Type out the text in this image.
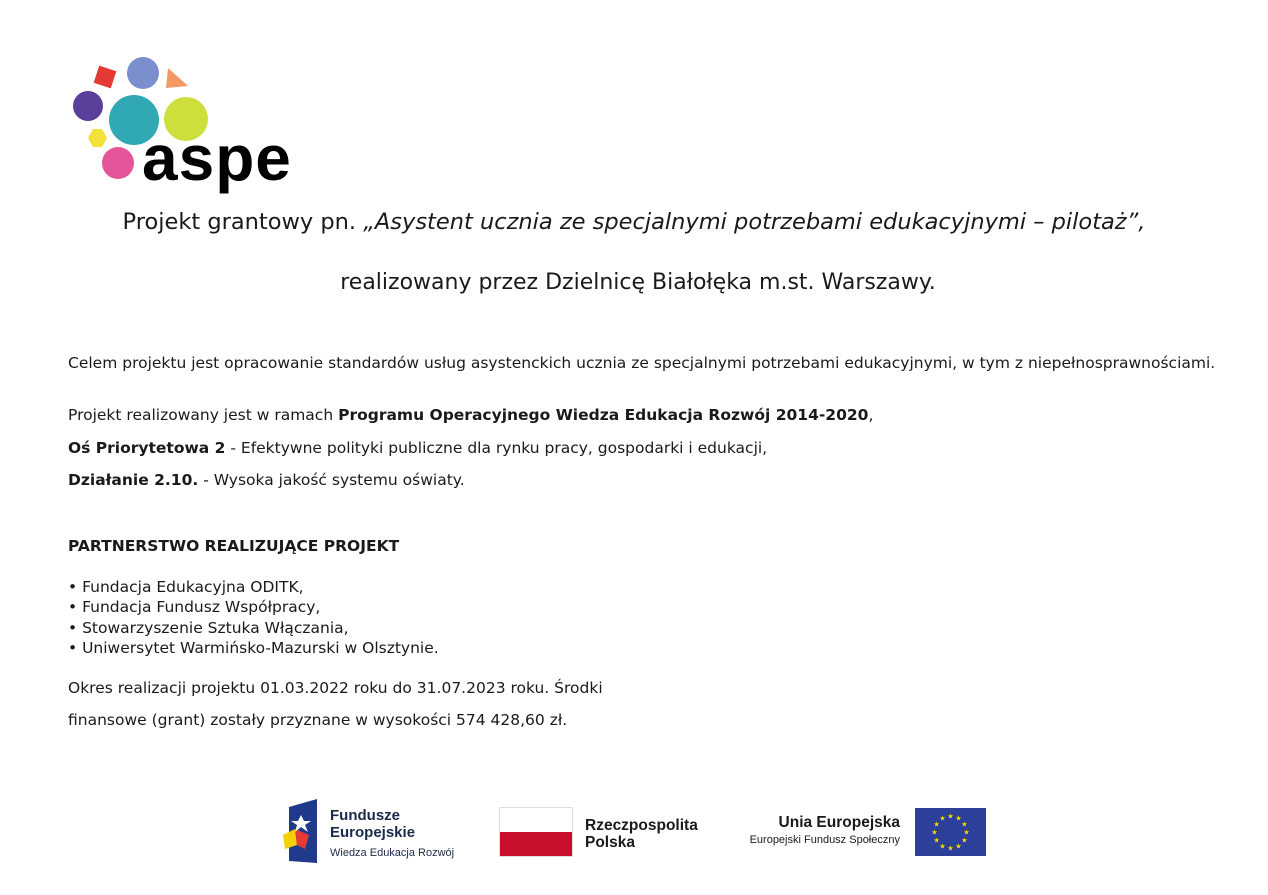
aspe
Projekt grantowy pn. „Asystent ucznia ze specjalnymi potrzebami edukacyjnymi – pilotaż”,
realizowany przez Dzielnicę Białołęka m.st. Warszawy.
Celem projektu jest opracowanie standardów usług asystenckich ucznia ze specjalnymi potrzebami edukacyjnymi, w tym z niepełnosprawnościami.
Projekt realizowany jest w ramach Programu Operacyjnego Wiedza Edukacja Rozwój 2014-2020,
Oś Priorytetowa 2 - Efektywne polityki publiczne dla rynku pracy, gospodarki i edukacji,
Działanie 2.10. - Wysoka jakość systemu oświaty.
PARTNERSTWO REALIZUJĄCE PROJEKT
• Fundacja Edukacyjna ODITK,
• Fundacja Fundusz Współpracy,
• Stowarzyszenie Sztuka Włączania,
• Uniwersytet Warmińsko-Mazurski w Olsztynie.
Okres realizacji projektu 01.03.2022 roku do 31.07.2023 roku. Środki
finansowe (grant) zostały przyznane w wysokości 574 428,60 zł.
Fundusze
Europejskie
Wiedza Edukacja Rozwój
Rzeczpospolita
Polska
Unia Europejska
Europejski Fundusz Społeczny
★
★
★
★
★
★
★
★
★ ★ ★
★
